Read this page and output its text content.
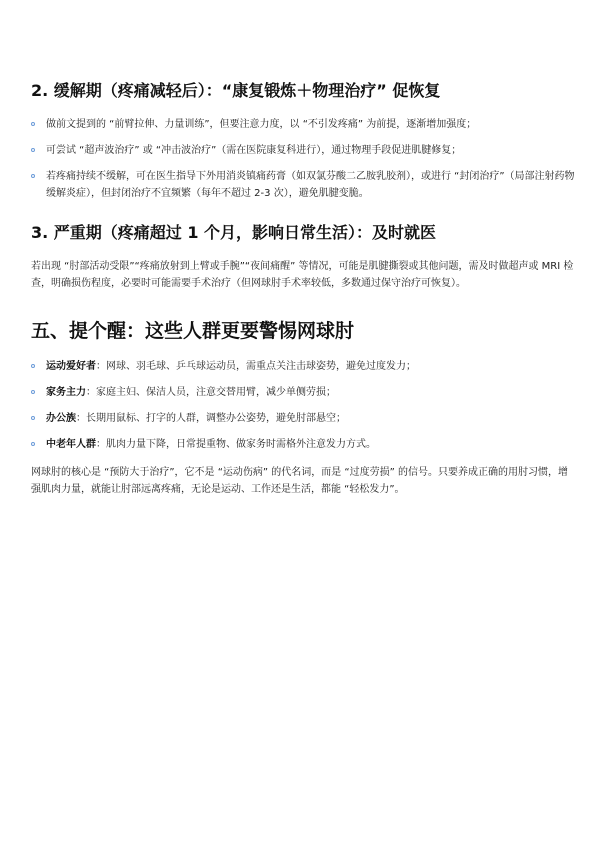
2. 缓解期（疼痛减轻后）：“康复锻炼＋物理治疗” 促恢复
做前文提到的 “前臂拉伸、力量训练”，但要注意力度，以 “不引发疼痛” 为前提，逐渐增加强度；
可尝试 “超声波治疗” 或 “冲击波治疗”（需在医院康复科进行），通过物理手段促进肌腱修复；
若疼痛持续不缓解，可在医生指导下外用消炎镇痛药膏（如双氯芬酸二乙胺乳胶剂），或进行 “封闭治疗”（局部注射药物缓解炎症），但封闭治疗不宜频繁（每年不超过 2-3 次），避免肌腱变脆。
3. 严重期（疼痛超过 1 个月，影响日常生活）：及时就医

若出现 “肘部活动受限”“疼痛放射到上臂或手腕”“夜间痛醒” 等情况，可能是肌腱撕裂或其他问题，需及时做超声或 MRI 检查，明确损伤程度，必要时可能需要手术治疗（但网球肘手术率较低，多数通过保守治疗可恢复）。

五、提个醒：这些人群更要警惕网球肘
运动爱好者：网球、羽毛球、乒乓球运动员，需重点关注击球姿势，避免过度发力；
家务主力：家庭主妇、保洁人员，注意交替用臂，减少单侧劳损；
办公族：长期用鼠标、打字的人群，调整办公姿势，避免肘部悬空；
中老年人群：肌肉力量下降，日常提重物、做家务时需格外注意发力方式。

网球肘的核心是 “预防大于治疗”，它不是 “运动伤病” 的代名词，而是 “过度劳损” 的信号。只要养成正确的用肘习惯，增强肌肉力量，就能让肘部远离疼痛，无论是运动、工作还是生活，都能 “轻松发力”。
